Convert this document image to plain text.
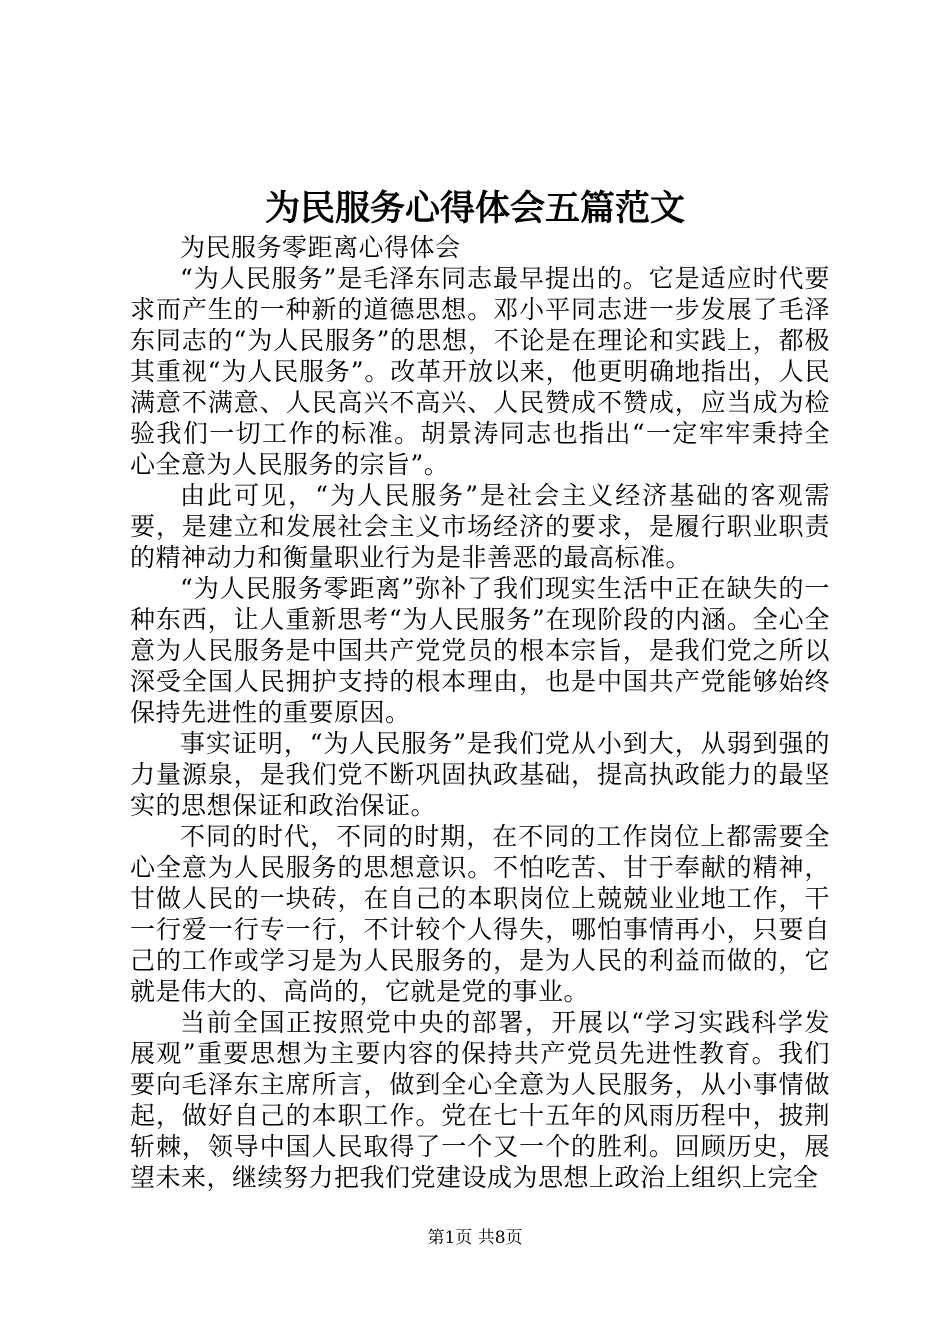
为民服务心得体会五篇范文

为民服务零距离心得体会

“为人民服务”是毛泽东同志最早提出的。它是适应时代要求而产生的一种新的道德思想。邓小平同志进一步发展了毛泽东同志的“为人民服务”的思想，不论是在理论和实践上，都极其重视“为人民服务”。改革开放以来，他更明确地指出，人民满意不满意、人民高兴不高兴、人民赞成不赞成，应当成为检验我们一切工作的标准。胡景涛同志也指出“一定牢牢秉持全心全意为人民服务的宗旨”。

由此可见，“为人民服务”是社会主义经济基础的客观需要，是建立和发展社会主义市场经济的要求，是履行职业职责的精神动力和衡量职业行为是非善恶的最高标准。

“为人民服务零距离”弥补了我们现实生活中正在缺失的一种东西，让人重新思考“为人民服务”在现阶段的内涵。全心全意为人民服务是中国共产党党员的根本宗旨，是我们党之所以深受全国人民拥护支持的根本理由，也是中国共产党能够始终保持先进性的重要原因。

事实证明，“为人民服务”是我们党从小到大，从弱到强的力量源泉，是我们党不断巩固执政基础，提高执政能力的最坚实的思想保证和政治保证。

不同的时代，不同的时期，在不同的工作岗位上都需要全心全意为人民服务的思想意识。不怕吃苦、甘于奉献的精神，甘做人民的一块砖，在自己的本职岗位上兢兢业业地工作，干一行爱一行专一行，不计较个人得失，哪怕事情再小，只要自己的工作或学习是为人民服务的，是为人民的利益而做的，它就是伟大的、高尚的，它就是党的事业。

当前全国正按照党中央的部署，开展以“学习实践科学发展观”重要思想为主要内容的保持共产党员先进性教育。我们要向毛泽东主席所言，做到全心全意为人民服务，从小事情做起，做好自己的本职工作。党在七十五年的风雨历程中，披荆斩棘，领导中国人民取得了一个又一个的胜利。回顾历史，展望未来，继续努力把我们党建设成为思想上政治上组织上完全

第1页 共8页
